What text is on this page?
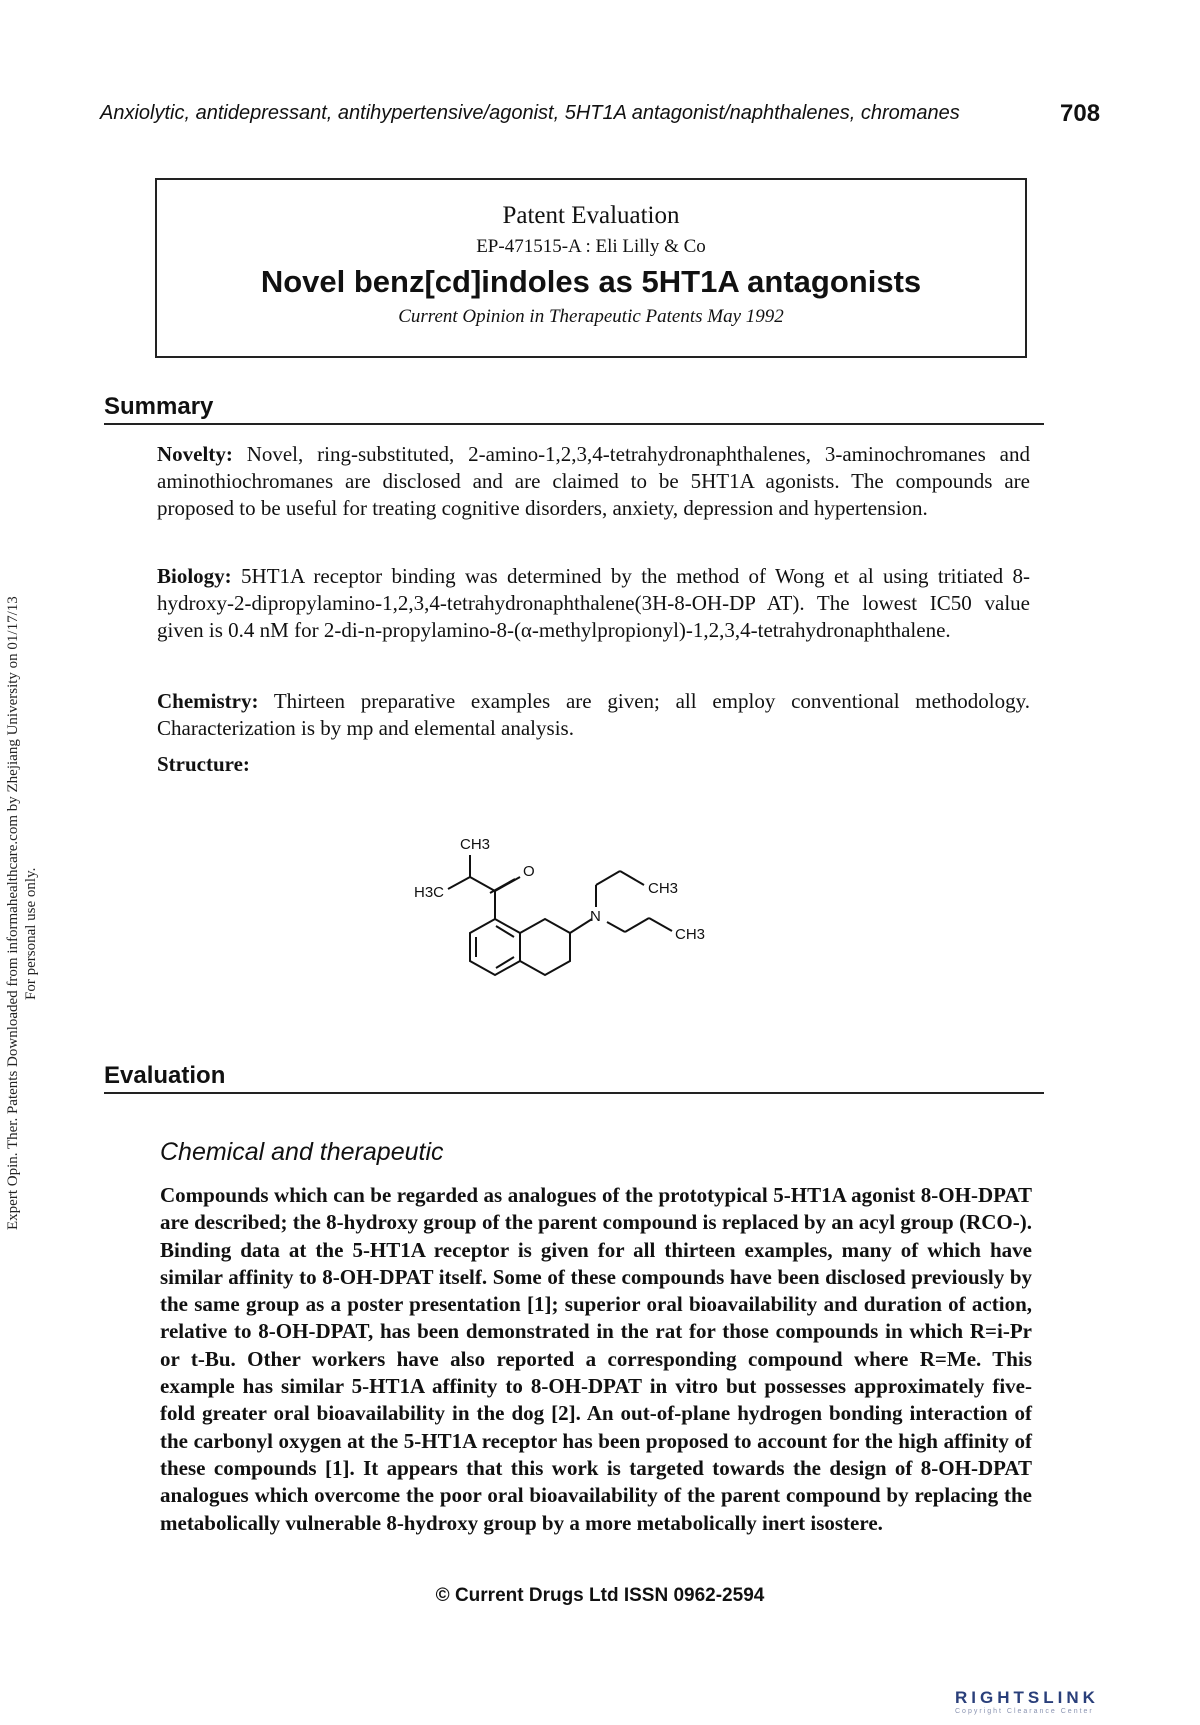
Anxiolytic, antidepressant, antihypertensive/agonist, 5HT1A antagonist/naphthalenes, chromanes	708
Expert Opin. Ther. Patents Downloaded from informahealthcare.com by Zhejiang University on 01/17/13 For personal use only.
Patent Evaluation
EP-471515-A : Eli Lilly & Co
Novel benz[cd]indoles as 5HT1A antagonists
Current Opinion in Therapeutic Patents May 1992
Summary
Novelty: Novel, ring-substituted, 2-amino-1,2,3,4-tetrahydronaphthalenes, 3-aminochromanes and aminothiochromanes are disclosed and are claimed to be 5HT1A agonists. The compounds are proposed to be useful for treating cognitive disorders, anxiety, depression and hypertension.
Biology: 5HT1A receptor binding was determined by the method of Wong et al using tritiated 8-hydroxy-2-dipropylamino-1,2,3,4-tetrahydronaphthalene(3H-8-OH-DP AT). The lowest IC50 value given is 0.4 nM for 2-di-n-propylamino-8-(α-methylpropionyl)-1,2,3,4-tetrahydronaphthalene.
Chemistry: Thirteen preparative examples are given; all employ conventional methodology. Characterization is by mp and elemental analysis.
Structure:
CH3
H3C
O
N
CH3
CH3
Evaluation
Chemical and therapeutic
Compounds which can be regarded as analogues of the prototypical 5-HT1A agonist 8-OH-DPAT are described; the 8-hydroxy group of the parent compound is replaced by an acyl group (RCO-). Binding data at the 5-HT1A receptor is given for all thirteen examples, many of which have similar affinity to 8-OH-DPAT itself. Some of these compounds have been disclosed previously by the same group as a poster presentation [1]; superior oral bioavailability and duration of action, relative to 8-OH-DPAT, has been demonstrated in the rat for those compounds in which R=i-Pr or t-Bu. Other workers have also reported a corresponding compound where R=Me. This example has similar 5-HT1A affinity to 8-OH-DPAT in vitro but possesses approximately five-fold greater oral bioavailability in the dog [2]. An out-of-plane hydrogen bonding interaction of the carbonyl oxygen at the 5-HT1A receptor has been proposed to account for the high affinity of these compounds [1]. It appears that this work is targeted towards the design of 8-OH-DPAT analogues which overcome the poor oral bioavailability of the parent compound by replacing the metabolically vulnerable 8-hydroxy group by a more metabolically inert isostere.
© Current Drugs Ltd ISSN 0962-2594
RIGHTSLINK
Copyright Clearance Center
